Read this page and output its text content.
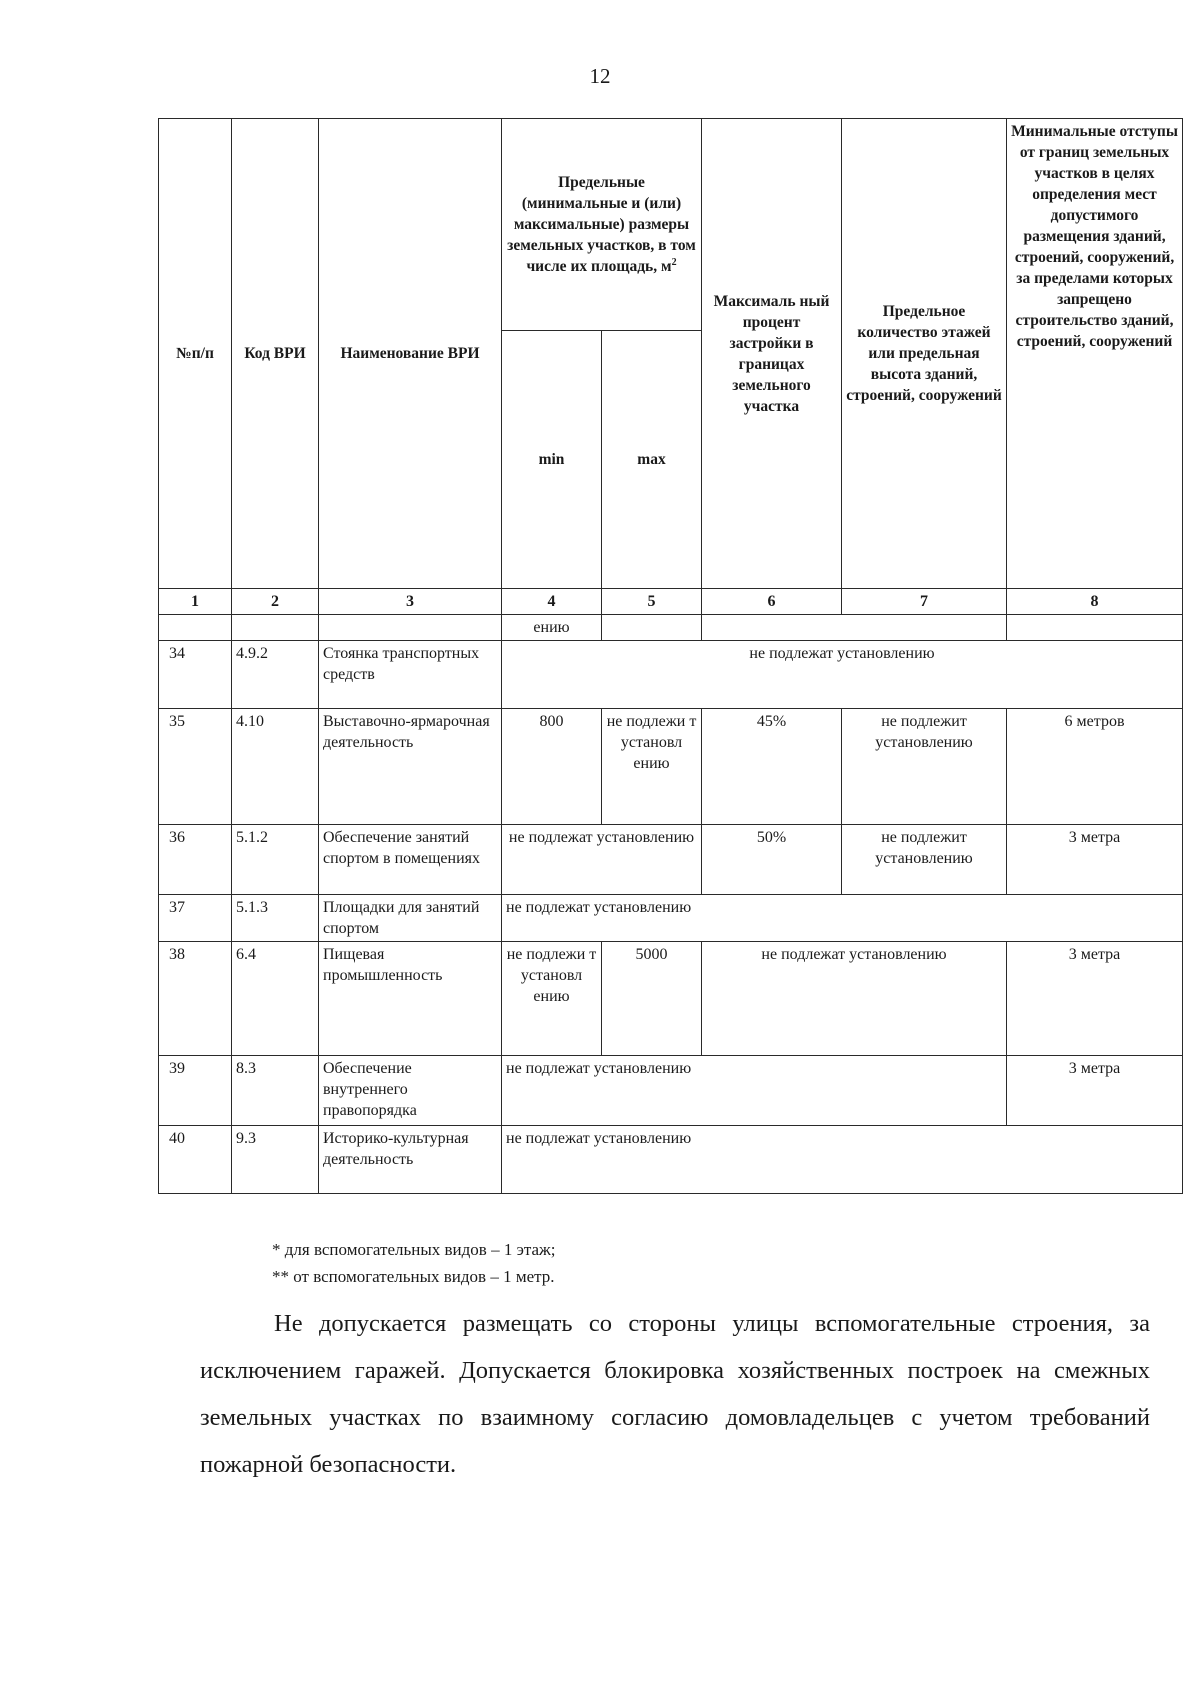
12
№п/п	Код ВРИ	Наименование ВРИ	Предельные (минимальные и (или) максимальные) размеры земельных участков, в том числе их площадь, $м^2$		Максималь ный процент застройки в границах земельного участка	Предельное количество этажей или предельная высота зданий, строений, сооружений	Минимальные отступы от границ земельных участков в целях определения мест допустимого размещения зданий, строений, сооружений, за пределами которых запрещено строительство зданий, строений, сооружений
			min	max			
1	2	3	4	5	6	7	8
			ению				
34	4.9.2	Стоянка транспортных средств	не подлежат установлению				
35	4.10	Выставочно-ярмарочная деятельность	800	не подлежи т установл ению	45%	не подлежит установлению	6 метров
36	5.1.2	Обеспечение занятий спортом в помещениях	не подлежат установлению		50%	не подлежит установлению	3 метра
37	5.1.3	Площадки для занятий спортом	не подлежат установлению				
38	6.4	Пищевая промышленность	не подлежи т установл ению	5000	не подлежат установлению		3 метра
39	8.3	Обеспечение внутреннего правопорядка	не подлежат установлению				3 метра
40	9.3	Историко-культурная деятельность	не подлежат установлению				
* для вспомогательных видов – 1 этаж;
** от вспомогательных видов – 1 метр.
Не допускается размещать со стороны улицы вспомогательные строения, за исключением гаражей. Допускается блокировка хозяйственных построек на смежных земельных участках по взаимному согласию домовладельцев с учетом требований пожарной безопасности.
